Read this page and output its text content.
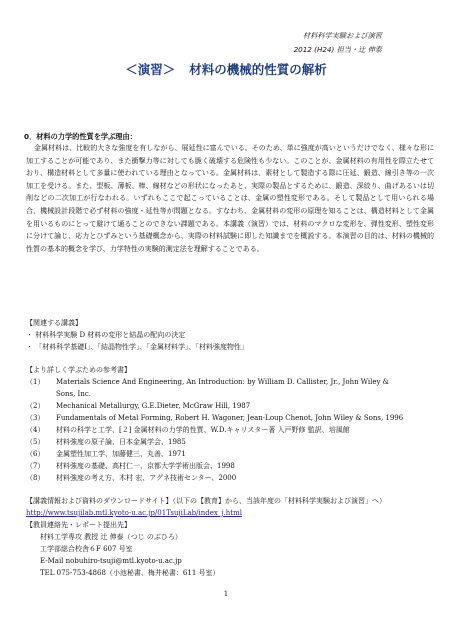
材料科学実験および演習
2012 (H24) 担当・辻 伸泰
＜演習＞ 材料の機械的性質の解析
0．材料の力学的性質を学ぶ理由：

金属材料は、比較的大きな強度を有しながら、展延性に富んでいる。そのため、単に強度が高いというだけでなく、様々な形に加工することが可能であり、また衝撃力等に対しても脆く破壊する危険性も少ない。このことが、金属材料の有用性を際立たせており、構造材料として多量に使われている理由となっている。金属材料は、素材として製造する際に圧延、鍛造、線引き等の一次加工を受ける。また、型板、薄板、棒、線材などの形状になったあと、実際の製品とするために、鍛造、深絞り、曲げあるいは切削などの二次加工が行なわれる。いずれもここで起こっていることは、金属の塑性変形である。そして製品として用いられる場合、機械設計段階で必ず材料の強度・延性等が問題となる。すなわち、金属材料の変形の原理を知ることは、構造材料として金属を用いるものにとって避けて通ることのできない課題である。本講義（演習）では、材料のマクロな変形を、弾性変形、塑性変形に分けて論じ、応力とひずみという基礎概念から、実際の材料試験に即した知識までを概説する。本演習の目的は、材料の機械的性質の基本的概念を学び、力学特性の実験的測定法を理解することである。

【関連する講義】
・ 材料科学実験 D 材料の変形と結晶の配向の決定
・ 「材料科学基礎Ⅰ」、「結晶物性学」、「金属材料学」、「材料強度物性」
【より詳しく学ぶための参考書】
（1） Materials Science And Engineering, An Introduction: by William D. Callister, Jr., John Wiley & Sons, Inc.
（2） Mechanical Metallurgy, G.E.Dieter, McGraw Hill, 1987
（3） Fundamentals of Metal Forming, Robert H. Wagoner, Jean-Loup Chenot, John Wiley & Sons, 1996
（4） 材料の科学と工学、[２] 金属材料の力学的性質、W.D.キャリスター著 入戸野修 監訳、培風館
（5） 材料強度の原子論、日本金属学会、1985
（6） 金属塑性加工学、加藤健三、丸善、1971
（7） 材料強度の基礎、高村仁一、京都大学学術出版会、1998
（8） 材料強度の考え方、木村 宏、アグネ技術センター、2000
【講義情報および資料のダウンロードサイト】（以下の【教育】から、当該年度の「材料科学実験および演習」へ）
http://www.tsujilab.mtl.kyoto-u.ac.jp/01TsujiLab/index_j.html
【教員連絡先・レポート提出先】
材料工学専攻 教授 辻 伸泰（つじ のぶひろ）
工学部総合校舎６F 607 号室
E-Mail nobuhiro-tsuji@mtl.kyoto-u.ac.jp
TEL 075-753-4868（小池秘書、梅井秘書：611 号室）
1
